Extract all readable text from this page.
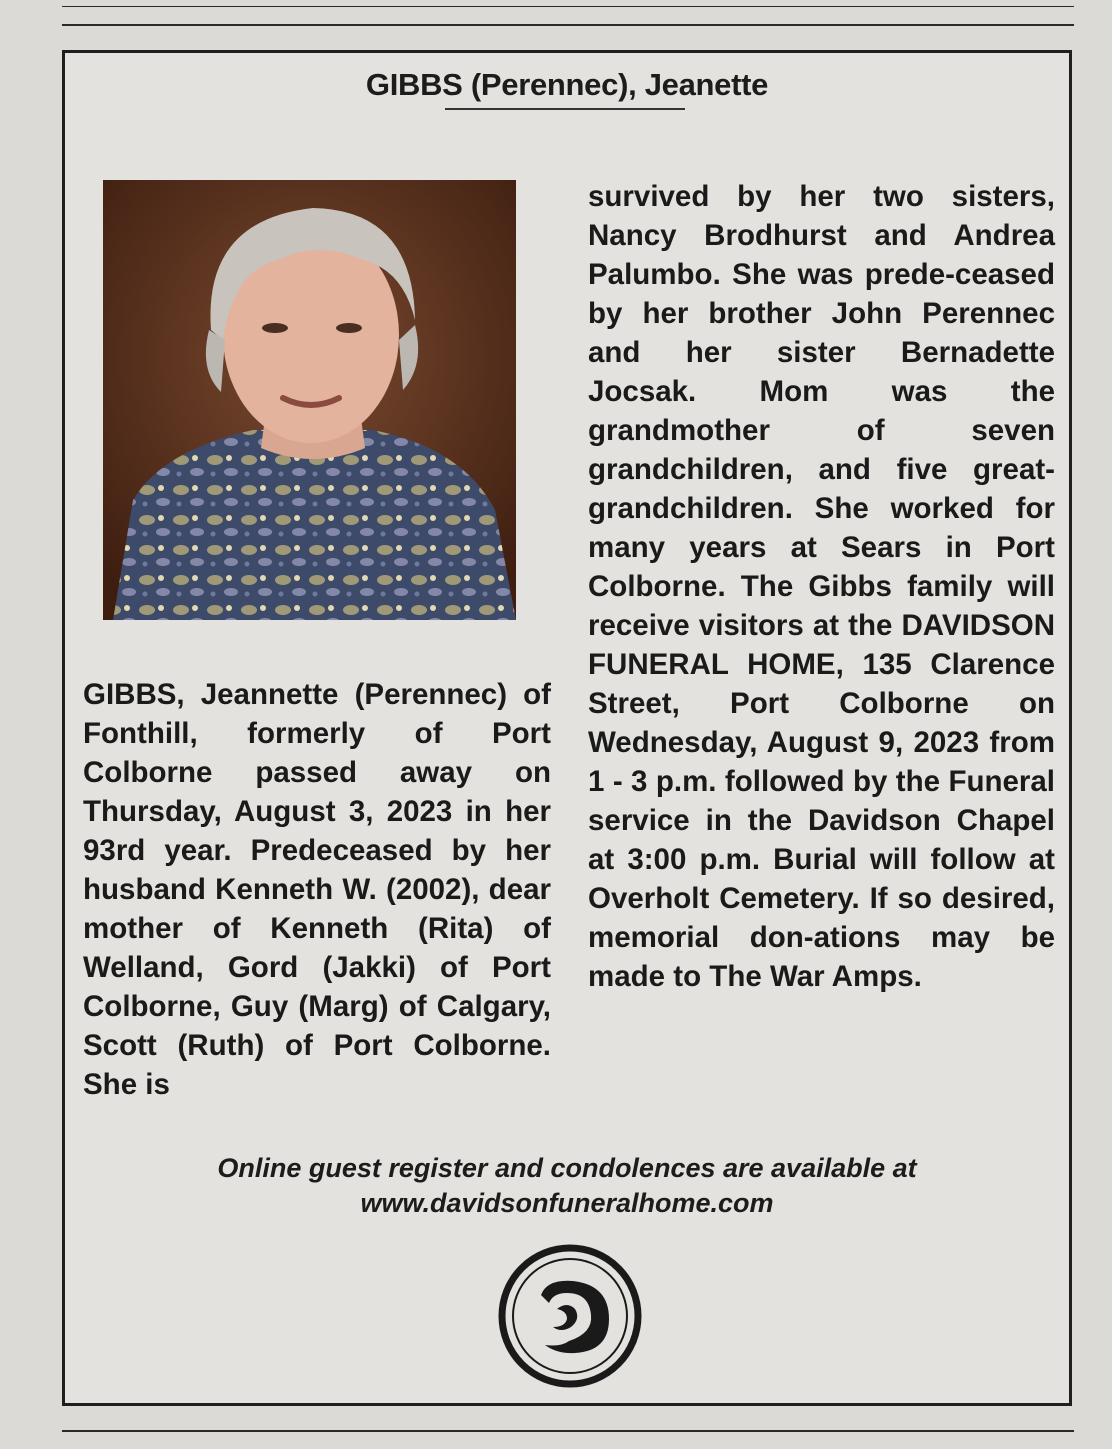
GIBBS (Perennec), Jeanette

GIBBS, Jeannette (Perennec) of Fonthill, formerly of Port Colborne passed away on Thursday, August 3, 2023 in her 93rd year. Predeceased by her husband Kenneth W. (2002), dear mother of Kenneth (Rita) of Welland, Gord (Jakki) of Port Colborne, Guy (Marg) of Calgary, Scott (Ruth) of Port Colborne. She is

survived by her two sisters, Nancy Brodhurst and Andrea Palumbo. She was prede-ceased by her brother John Perennec and her sister Bernadette Jocsak. Mom was the grandmother of seven grandchildren, and five great-grandchildren. She worked for many years at Sears in Port Colborne. The Gibbs family will receive visitors at the DAVIDSON FUNERAL HOME, 135 Clarence Street, Port Colborne on Wednesday, August 9, 2023 from 1 - 3 p.m. followed by the Funeral service in the Davidson Chapel at 3:00 p.m. Burial will follow at Overholt Cemetery. If so desired, memorial don-ations may be made to The War Amps.

Online guest register and condolences are available at
www.davidsonfuneralhome.com
